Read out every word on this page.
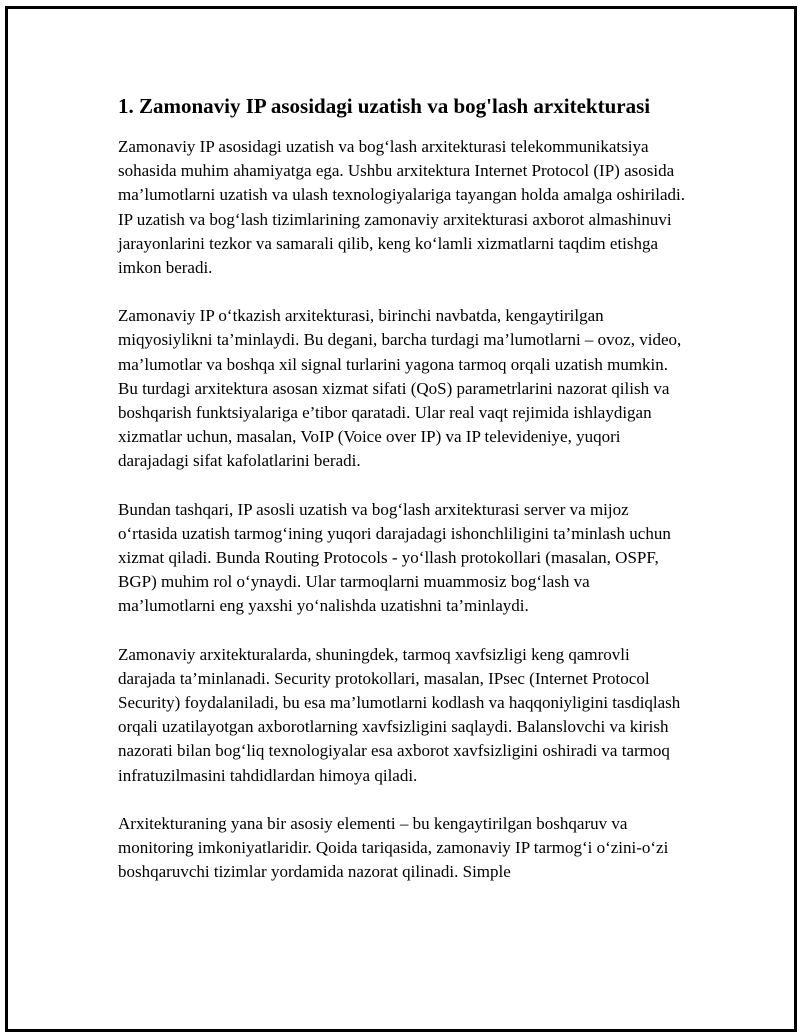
1. Zamonaviy IP asosidagi uzatish va bog'lash arxitekturasi

Zamonaviy IP asosidagi uzatish va bog‘lash arxitekturasi telekommunikatsiya sohasida muhim ahamiyatga ega. Ushbu arxitektura Internet Protocol (IP) asosida ma’lumotlarni uzatish va ulash texnologiyalariga tayangan holda amalga oshiriladi. IP uzatish va bog‘lash tizimlarining zamonaviy arxitekturasi axborot almashinuvi jarayonlarini tezkor va samarali qilib, keng ko‘lamli xizmatlarni taqdim etishga imkon beradi.

Zamonaviy IP o‘tkazish arxitekturasi, birinchi navbatda, kengaytirilgan miqyosiylikni ta’minlaydi. Bu degani, barcha turdagi ma’lumotlarni – ovoz, video, ma’lumotlar va boshqa xil signal turlarini yagona tarmoq orqali uzatish mumkin. Bu turdagi arxitektura asosan xizmat sifati (QoS) parametrlarini nazorat qilish va boshqarish funktsiyalariga e’tibor qaratadi. Ular real vaqt rejimida ishlaydigan xizmatlar uchun, masalan, VoIP (Voice over IP) va IP televideniye, yuqori darajadagi sifat kafolatlarini beradi.

Bundan tashqari, IP asosli uzatish va bog‘lash arxitekturasi server va mijoz o‘rtasida uzatish tarmog‘ining yuqori darajadagi ishonchliligini ta’minlash uchun xizmat qiladi. Bunda Routing Protocols - yo‘llash protokollari (masalan, OSPF, BGP) muhim rol o‘ynaydi. Ular tarmoqlarni muammosiz bog‘lash va ma’lumotlarni eng yaxshi yo‘nalishda uzatishni ta’minlaydi.

Zamonaviy arxitekturalarda, shuningdek, tarmoq xavfsizligi keng qamrovli darajada ta’minlanadi. Security protokollari, masalan, IPsec (Internet Protocol Security) foydalaniladi, bu esa ma’lumotlarni kodlash va haqqoniyligini tasdiqlash orqali uzatilayotgan axborotlarning xavfsizligini saqlaydi. Balanslovchi va kirish nazorati bilan bog‘liq texnologiyalar esa axborot xavfsizligini oshiradi va tarmoq infratuzilmasini tahdidlardan himoya qiladi.

Arxitekturaning yana bir asosiy elementi – bu kengaytirilgan boshqaruv va monitoring imkoniyatlaridir. Qoida tariqasida, zamonaviy IP tarmog‘i o‘zini-o‘zi boshqaruvchi tizimlar yordamida nazorat qilinadi. Simple
